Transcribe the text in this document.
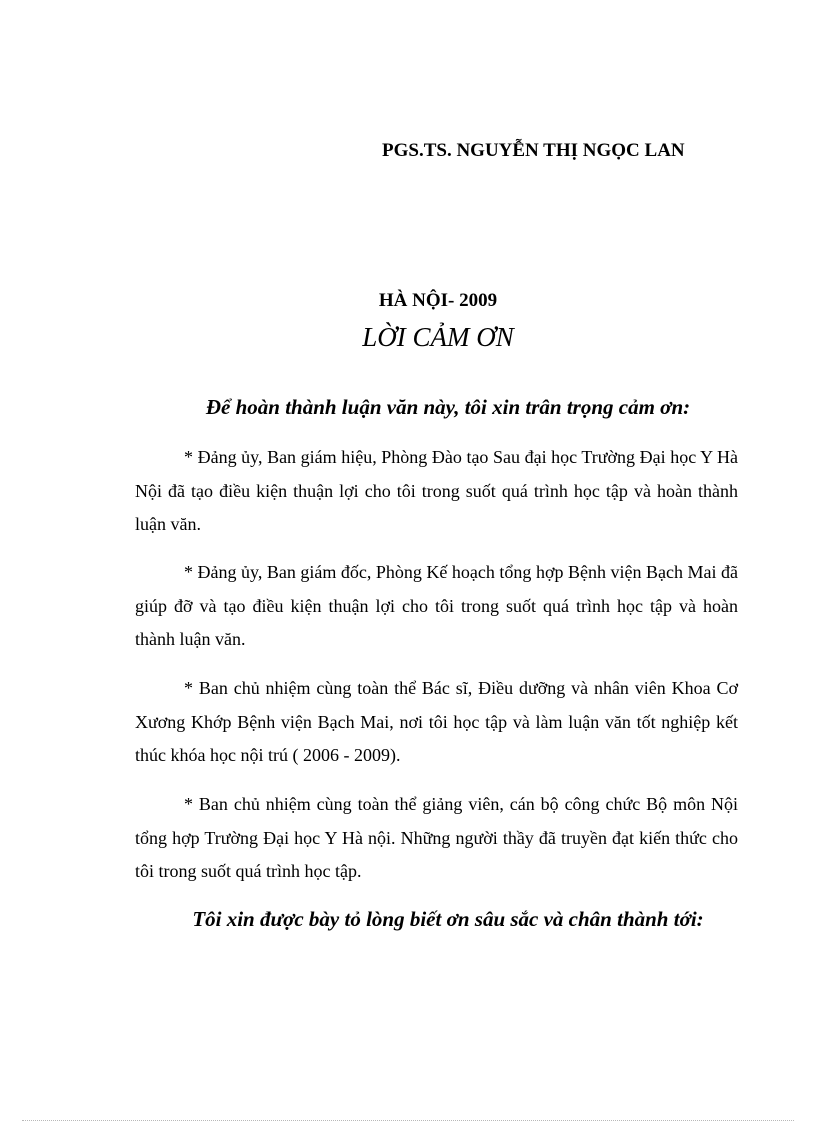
PGS.TS. NGUYỄN THỊ NGỌC LAN
HÀ NỘI- 2009
LỜI CẢM ƠN
Để hoàn thành luận văn này, tôi xin trân trọng cảm ơn:
* Đảng ủy, Ban giám hiệu, Phòng Đào tạo Sau đại học Trường Đại học Y Hà Nội đã tạo điều kiện thuận lợi cho tôi trong suốt quá trình học tập và hoàn thành luận văn.
* Đảng ủy, Ban giám đốc, Phòng Kế hoạch tổng hợp Bệnh viện Bạch Mai đã giúp đỡ và tạo điều kiện thuận lợi cho tôi trong suốt quá trình học tập và hoàn thành luận văn.
* Ban chủ nhiệm cùng toàn thể Bác sĩ, Điều dưỡng và nhân viên Khoa Cơ Xương Khớp Bệnh viện Bạch Mai, nơi tôi học tập và làm luận văn tốt nghiệp kết thúc khóa học nội trú ( 2006 - 2009).
* Ban chủ nhiệm cùng toàn thể giảng viên, cán bộ công chức Bộ môn Nội tổng hợp Trường Đại học Y Hà nội. Những người thầy đã truyền đạt kiến thức cho tôi trong suốt quá trình học tập.
Tôi xin được bày tỏ lòng biết ơn sâu sắc và chân thành tới:
